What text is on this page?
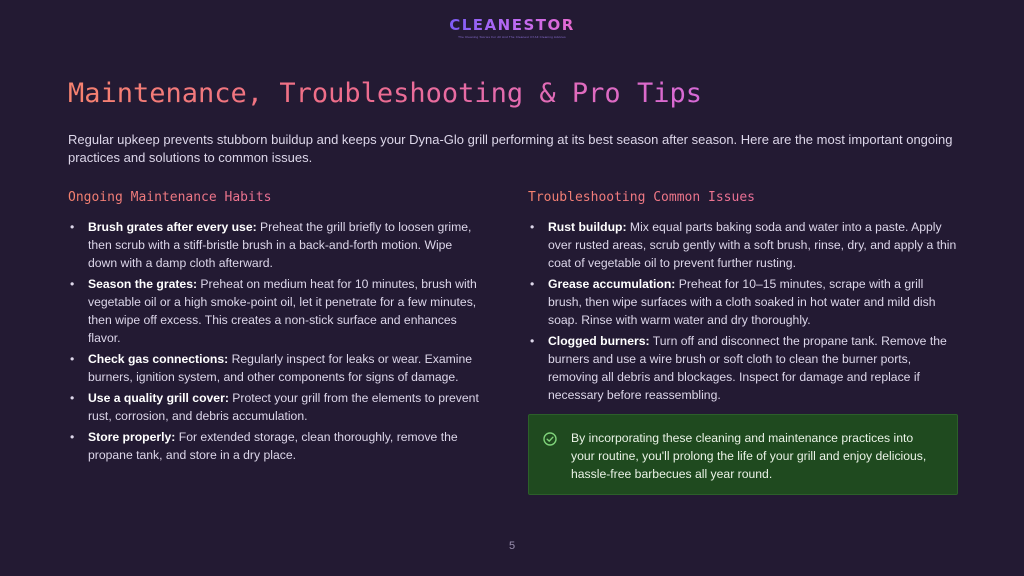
CLEANESTOR
The Cleaning Stories For All And The Cleanest Of All Cleaning Advices
Maintenance, Troubleshooting & Pro Tips

Regular upkeep prevents stubborn buildup and keeps your Dyna-Glo grill performing at its best season after season. Here are the most important ongoing practices and solutions to common issues.

Ongoing Maintenance Habits
• Brush grates after every use: Preheat the grill briefly to loosen grime, then scrub with a stiff-bristle brush in a back-and-forth motion. Wipe down with a damp cloth afterward.
• Season the grates: Preheat on medium heat for 10 minutes, brush with vegetable oil or a high smoke-point oil, let it penetrate for a few minutes, then wipe off excess. This creates a non-stick surface and enhances flavor.
• Check gas connections: Regularly inspect for leaks or wear. Examine burners, ignition system, and other components for signs of damage.
• Use a quality grill cover: Protect your grill from the elements to prevent rust, corrosion, and debris accumulation.
• Store properly: For extended storage, clean thoroughly, remove the propane tank, and store in a dry place.
Troubleshooting Common Issues
• Rust buildup: Mix equal parts baking soda and water into a paste. Apply over rusted areas, scrub gently with a soft brush, rinse, dry, and apply a thin coat of vegetable oil to prevent further rusting.
• Grease accumulation: Preheat for 10–15 minutes, scrape with a grill brush, then wipe surfaces with a cloth soaked in hot water and mild dish soap. Rinse with warm water and dry thoroughly.
• Clogged burners: Turn off and disconnect the propane tank. Remove the burners and use a wire brush or soft cloth to clean the burner ports, removing all debris and blockages. Inspect for damage and replace if necessary before reassembling.
By incorporating these cleaning and maintenance practices into your routine, you'll prolong the life of your grill and enjoy delicious, hassle-free barbecues all year round.
5
